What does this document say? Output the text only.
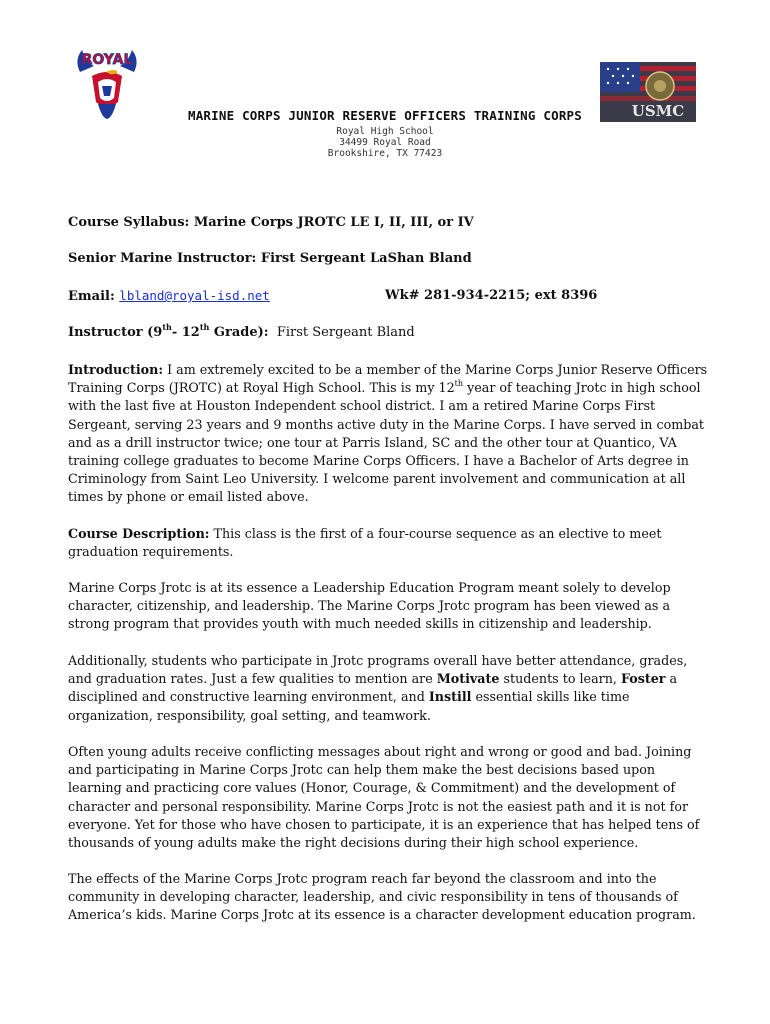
ROYAL
USMC
MARINE CORPS JUNIOR RESERVE OFFICERS TRAINING CORPS
Royal High School
34499 Royal Road
Brookshire, TX 77423
Course Syllabus: Marine Corps JROTC LE I, II, III, or IV
Senior Marine Instructor: First Sergeant LaShan Bland
Email: lbland@royal-isd.net	Wk# 281-934-2215; ext 8396
Instructor (9th- 12th Grade): First Sergeant Bland
Introduction: I am extremely excited to be a member of the Marine Corps Junior Reserve Officers Training Corps (JROTC) at Royal High School. This is my 12th year of teaching Jrotc in high school with the last five at Houston Independent school district. I am a retired Marine Corps First Sergeant, serving 23 years and 9 months active duty in the Marine Corps. I have served in combat and as a drill instructor twice; one tour at Parris Island, SC and the other tour at Quantico, VA training college graduates to become Marine Corps Officers. I have a Bachelor of Arts degree in Criminology from Saint Leo University. I welcome parent involvement and communication at all times by phone or email listed above.
Course Description: This class is the first of a four-course sequence as an elective to meet graduation requirements.
Marine Corps Jrotc is at its essence a Leadership Education Program meant solely to develop character, citizenship, and leadership. The Marine Corps Jrotc program has been viewed as a strong program that provides youth with much needed skills in citizenship and leadership.
Additionally, students who participate in Jrotc programs overall have better attendance, grades, and graduation rates. Just a few qualities to mention are Motivate students to learn, Foster a disciplined and constructive learning environment, and Instill essential skills like time organization, responsibility, goal setting, and teamwork.
Often young adults receive conflicting messages about right and wrong or good and bad. Joining and participating in Marine Corps Jrotc can help them make the best decisions based upon learning and practicing core values (Honor, Courage, & Commitment) and the development of character and personal responsibility. Marine Corps Jrotc is not the easiest path and it is not for everyone. Yet for those who have chosen to participate, it is an experience that has helped tens of thousands of young adults make the right decisions during their high school experience.
The effects of the Marine Corps Jrotc program reach far beyond the classroom and into the community in developing character, leadership, and civic responsibility in tens of thousands of America’s kids. Marine Corps Jrotc at its essence is a character development education program.
